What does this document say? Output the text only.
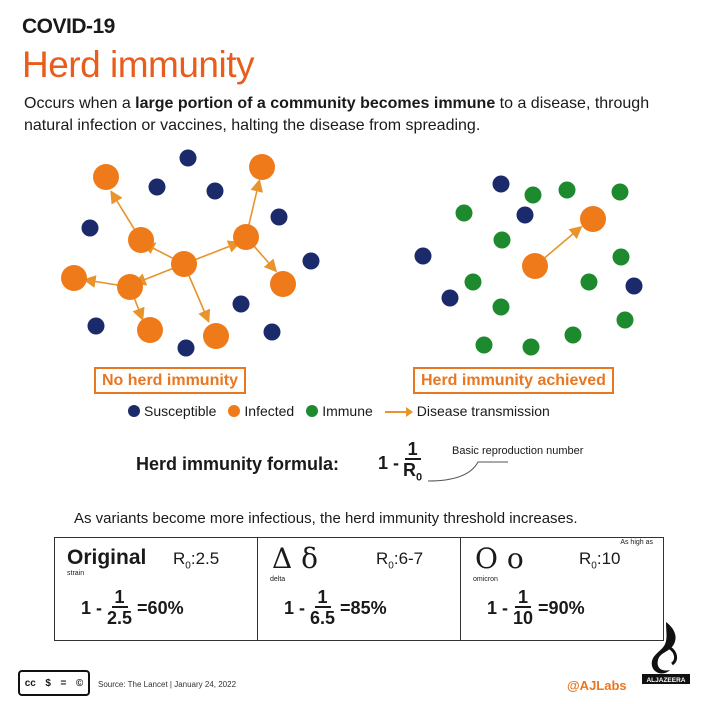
COVID-19
Herd immunity
Occurs when a large portion of a community becomes immune to a disease, through natural infection or vaccines, halting the disease from spreading.
No herd immunity	Herd immunity achieved
Susceptible	Infected	Immune	Disease transmission
Herd immunity formula: $1 - \frac{1}{R_0}$	Basic reproduction number
As variants become more infectious, the herd immunity threshold increases.
Original
strain
$R_0:2.5$
$1 - \frac{1}{2.5} =60\%$
Δ δ
delta
$R_0:6-7$
$1 - \frac{1}{6.5} =85\%$
Ο ο
omicron
As high as
$R_0:10$
$1 - \frac{1}{10} =90\%$
cc $ = © Source: The Lancet | January 24, 2022	@AJLabs	ALJAZEERA
